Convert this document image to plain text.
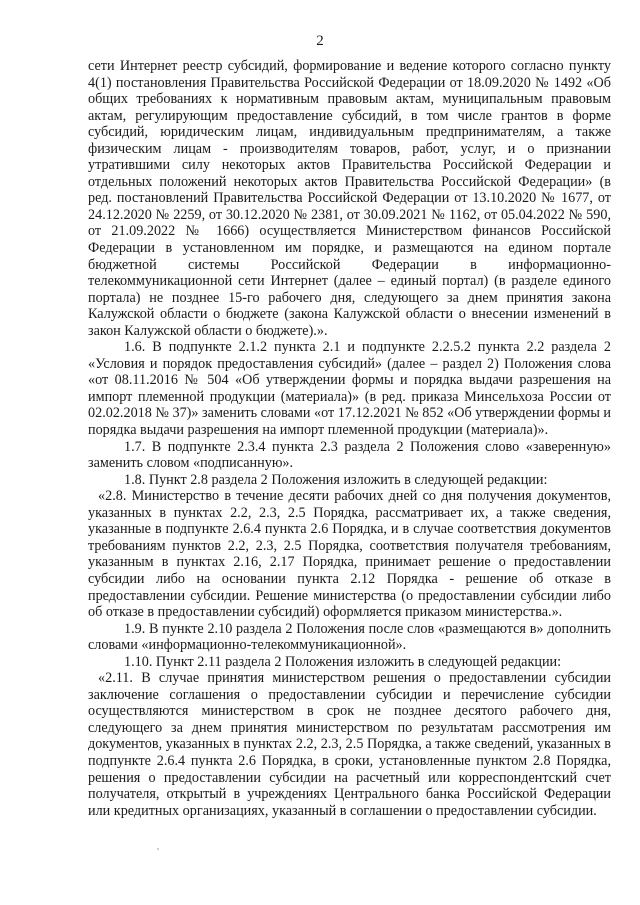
2

сети Интернет реестр субсидий, формирование и ведение которого согласно пункту 4(1) постановления Правительства Российской Федерации от 18.09.2020 № 1492 «Об общих требованиях к нормативным правовым актам, муниципальным правовым актам, регулирующим предоставление субсидий, в том числе грантов в форме субсидий, юридическим лицам, индивидуальным предпринимателям, а также физическим лицам - производителям товаров, работ, услуг, и о признании утратившими силу некоторых актов Правительства Российской Федерации и отдельных положений некоторых актов Правительства Российской Федерации» (в ред. постановлений Правительства Российской Федерации от 13.10.2020 № 1677, от 24.12.2020 № 2259, от 30.12.2020 № 2381, от 30.09.2021 № 1162, от 05.04.2022 № 590, от 21.09.2022 № 1666) осуществляется Министерством финансов Российской Федерации в установленном им порядке, и размещаются на едином портале бюджетной системы Российской Федерации в информационно-телекоммуникационной сети Интернет (далее – единый портал) (в разделе единого портала) не позднее 15-го рабочего дня, следующего за днем принятия закона Калужской области о бюджете (закона Калужской области о внесении изменений в закон Калужской области о бюджете).».

1.6. В подпункте 2.1.2 пункта 2.1 и подпункте 2.2.5.2 пункта 2.2 раздела 2 «Условия и порядок предоставления субсидий» (далее – раздел 2) Положения слова «от 08.11.2016 № 504 «Об утверждении формы и порядка выдачи разрешения на импорт племенной продукции (материала)» (в ред. приказа Минсельхоза России от 02.02.2018 № 37)» заменить словами «от 17.12.2021 № 852 «Об утверждении формы и порядка выдачи разрешения на импорт племенной продукции (материала)».

1.7. В подпункте 2.3.4 пункта 2.3 раздела 2 Положения слово «заверенную» заменить словом «подписанную».

1.8. Пункт 2.8 раздела 2 Положения изложить в следующей редакции:

«2.8. Министерство в течение десяти рабочих дней со дня получения документов, указанных в пунктах 2.2, 2.3, 2.5 Порядка, рассматривает их, а также сведения, указанные в подпункте 2.6.4 пункта 2.6 Порядка, и в случае соответствия документов требованиям пунктов 2.2, 2.3, 2.5 Порядка, соответствия получателя требованиям, указанным в пунктах 2.16, 2.17 Порядка, принимает решение о предоставлении субсидии либо на основании пункта 2.12 Порядка - решение об отказе в предоставлении субсидии. Решение министерства (о предоставлении субсидии либо об отказе в предоставлении субсидий) оформляется приказом министерства.».

1.9. В пункте 2.10 раздела 2 Положения после слов «размещаются в» дополнить словами «информационно-телекоммуникационной».

1.10. Пункт 2.11 раздела 2 Положения изложить в следующей редакции:

«2.11. В случае принятия министерством решения о предоставлении субсидии заключение соглашения о предоставлении субсидии и перечисление субсидии осуществляются министерством в срок не позднее десятого рабочего дня, следующего за днем принятия министерством по результатам рассмотрения им документов, указанных в пунктах 2.2, 2.3, 2.5 Порядка, а также сведений, указанных в подпункте 2.6.4 пункта 2.6 Порядка, в сроки, установленные пунктом 2.8 Порядка, решения о предоставлении субсидии на расчетный или корреспондентский счет получателя, открытый в учреждениях Центрального банка Российской Федерации или кредитных организациях, указанный в соглашении о предоставлении субсидии.
